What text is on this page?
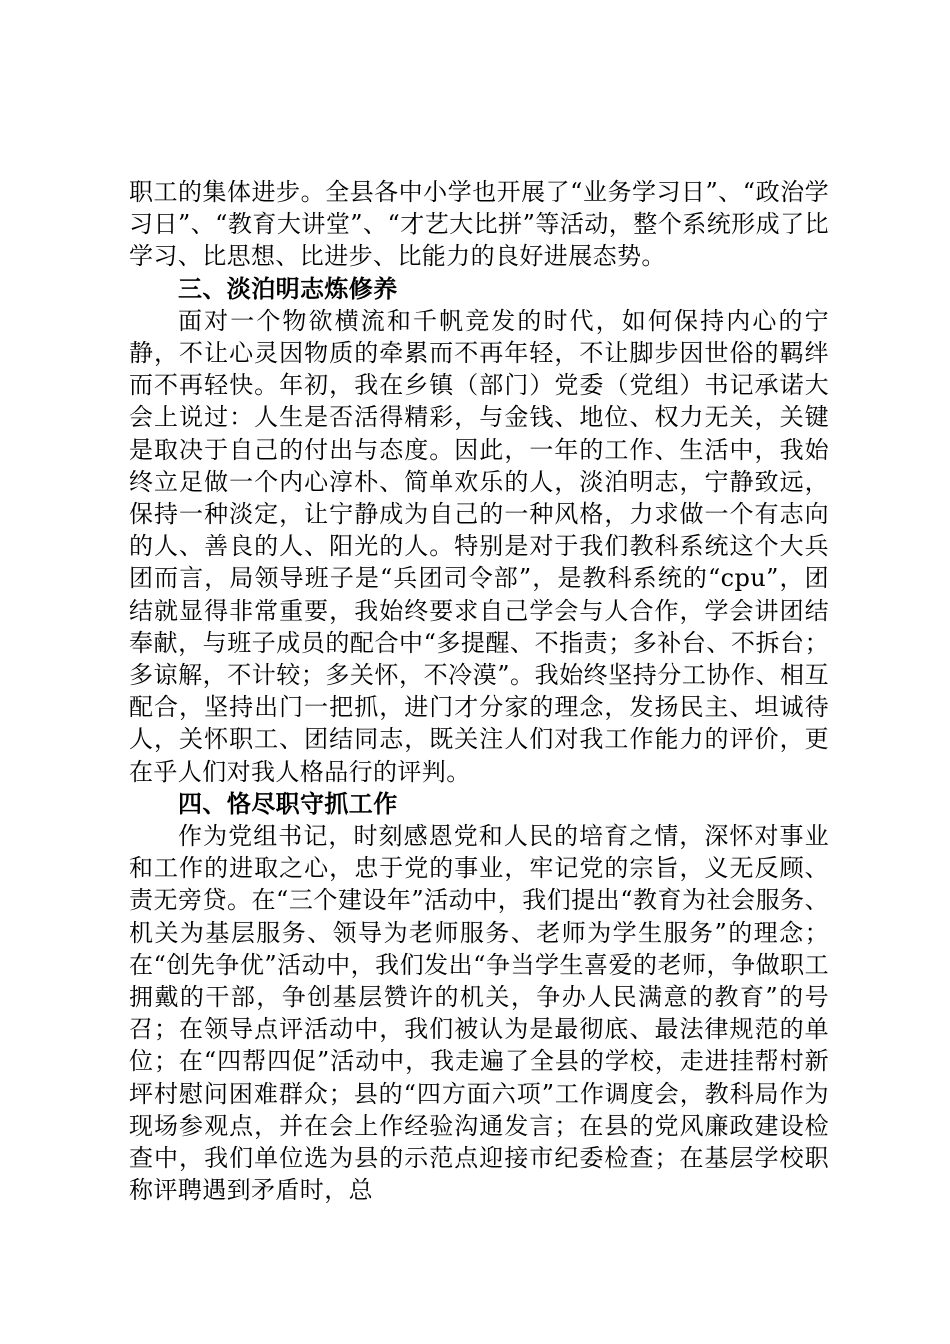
职工的集体进步。全县各中小学也开展了“业务学习日”、“政治学习日”、“教育大讲堂”、“才艺大比拼”等活动，整个系统形成了比学习、比思想、比进步、比能力的良好进展态势。

三、淡泊明志炼修养

面对一个物欲横流和千帆竞发的时代，如何保持内心的宁静，不让心灵因物质的牵累而不再年轻，不让脚步因世俗的羁绊而不再轻快。年初，我在乡镇（部门）党委（党组）书记承诺大会上说过：人生是否活得精彩，与金钱、地位、权力无关，关键是取决于自己的付出与态度。因此，一年的工作、生活中，我始终立足做一个内心淳朴、简单欢乐的人，淡泊明志，宁静致远，保持一种淡定，让宁静成为自己的一种风格，力求做一个有志向的人、善良的人、阳光的人。特别是对于我们教科系统这个大兵团而言，局领导班子是“兵团司令部”，是教科系统的“cpu”，团结就显得非常重要，我始终要求自己学会与人合作，学会讲团结奉献，与班子成员的配合中“多提醒、不指责；多补台、不拆台；多谅解，不计较；多关怀，不冷漠”。我始终坚持分工协作、相互配合，坚持出门一把抓，进门才分家的理念，发扬民主、坦诚待人，关怀职工、团结同志，既关注人们对我工作能力的评价，更在乎人们对我人格品行的评判。

四、恪尽职守抓工作

作为党组书记，时刻感恩党和人民的培育之情，深怀对事业和工作的进取之心，忠于党的事业，牢记党的宗旨，义无反顾、责无旁贷。在“三个建设年”活动中，我们提出“教育为社会服务、机关为基层服务、领导为老师服务、老师为学生服务”的理念；在“创先争优”活动中，我们发出“争当学生喜爱的老师，争做职工拥戴的干部，争创基层赞许的机关，争办人民满意的教育”的号召；在领导点评活动中，我们被认为是最彻底、最法律规范的单位；在“四帮四促”活动中，我走遍了全县的学校，走进挂帮村新坪村慰问困难群众；县的“四方面六项”工作调度会，教科局作为现场参观点，并在会上作经验沟通发言；在县的党风廉政建设检查中，我们单位选为县的示范点迎接市纪委检查；在基层学校职称评聘遇到矛盾时，总
